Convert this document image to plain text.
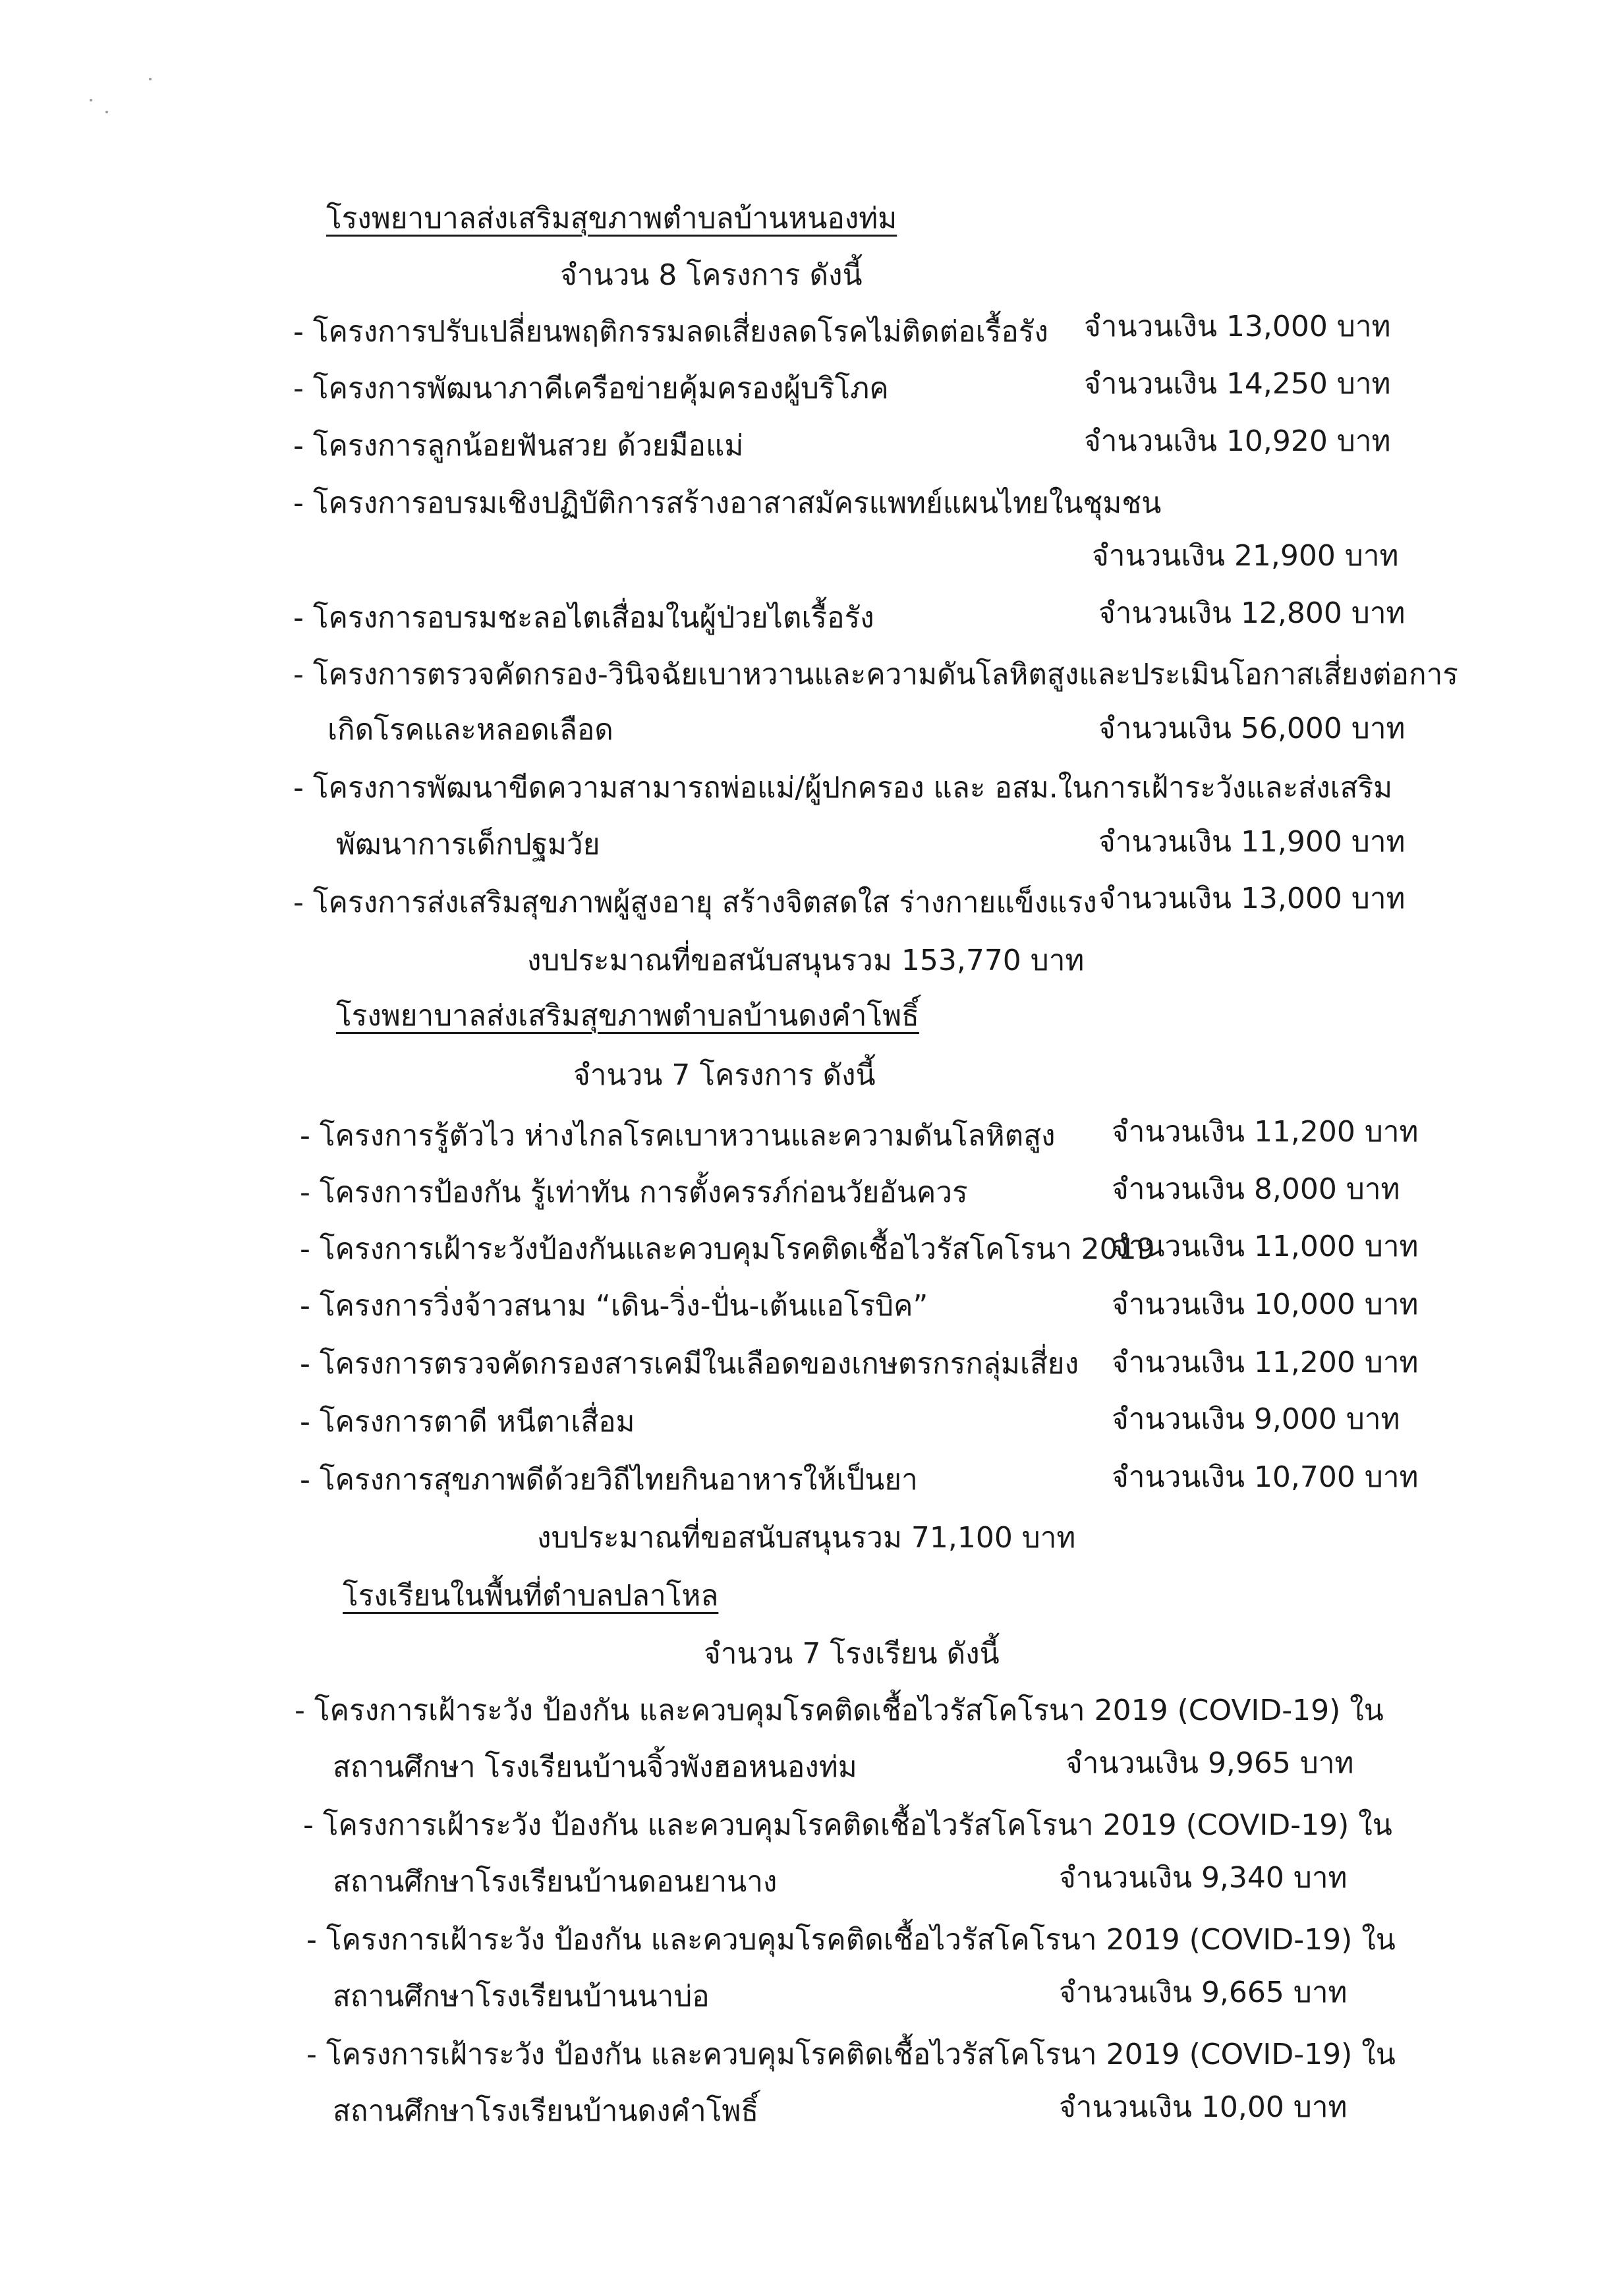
โรงพยาบาลส่งเสริมสุขภาพตำบลบ้านหนองท่ม
จำนวน 8 โครงการ ดังนี้
- โครงการปรับเปลี่ยนพฤติกรรมลดเสี่ยงลดโรคไม่ติดต่อเรื้อรัง จำนวนเงิน 13,000 บาท
- โครงการพัฒนาภาคีเครือข่ายคุ้มครองผู้บริโภค	จำนวนเงิน 14,250 บาท
- โครงการลูกน้อยฟันสวย ด้วยมือแม่	จำนวนเงิน 10,920 บาท
- โครงการอบรมเชิงปฏิบัติการสร้างอาสาสมัครแพทย์แผนไทยในชุมชน
จำนวนเงิน 21,900 บาท
- โครงการอบรมชะลอไตเสื่อมในผู้ป่วยไตเรื้อรัง	จำนวนเงิน 12,800 บาท
- โครงการตรวจคัดกรอง-วินิจฉัยเบาหวานและความดันโลหิตสูงและประเมินโอกาสเสี่ยงต่อการ
เกิดโรคและหลอดเลือด	จำนวนเงิน 56,000 บาท
- โครงการพัฒนาขีดความสามารถพ่อแม่/ผู้ปกครอง และ อสม.ในการเฝ้าระวังและส่งเสริม
พัฒนาการเด็กปฐมวัย	จำนวนเงิน 11,900 บาท
- โครงการส่งเสริมสุขภาพผู้สูงอายุ สร้างจิตสดใส ร่างกายแข็งแรง จำนวนเงิน 13,000 บาท
งบประมาณที่ขอสนับสนุนรวม 153,770 บาท
โรงพยาบาลส่งเสริมสุขภาพตำบลบ้านดงคำโพธิ์
จำนวน 7 โครงการ ดังนี้
- โครงการรู้ตัวไว ห่างไกลโรคเบาหวานและความดันโลหิตสูง จำนวนเงิน 11,200 บาท
- โครงการป้องกัน รู้เท่าทัน การตั้งครรภ์ก่อนวัยอันควร	จำนวนเงิน 8,000 บาท
- โครงการเฝ้าระวังป้องกันและควบคุมโรคติดเชื้อไวรัสโคโรนา 2019
จำนวนเงิน 11,000 บาท
- โครงการวิ่งจ้าวสนาม “เดิน-วิ่ง-ปั่น-เต้นแอโรบิค”	จำนวนเงิน 10,000 บาท
- โครงการตรวจคัดกรองสารเคมีในเลือดของเกษตรกรกลุ่มเสี่ยง จำนวนเงิน 11,200 บาท
- โครงการตาดี หนีตาเสื่อม	จำนวนเงิน 9,000 บาท
- โครงการสุขภาพดีด้วยวิถีไทยกินอาหารให้เป็นยา	จำนวนเงิน 10,700 บาท
งบประมาณที่ขอสนับสนุนรวม 71,100 บาท
โรงเรียนในพื้นที่ตำบลปลาโหล
จำนวน 7 โรงเรียน ดังนี้
- โครงการเฝ้าระวัง ป้องกัน และควบคุมโรคติดเชื้อไวรัสโคโรนา 2019 (COVID-19) ใน
สถานศึกษา โรงเรียนบ้านจิ้วพังฮอหนองท่ม	จำนวนเงิน 9,965 บาท
- โครงการเฝ้าระวัง ป้องกัน และควบคุมโรคติดเชื้อไวรัสโคโรนา 2019 (COVID-19) ใน
สถานศึกษาโรงเรียนบ้านดอนยานาง	จำนวนเงิน 9,340 บาท
- โครงการเฝ้าระวัง ป้องกัน และควบคุมโรคติดเชื้อไวรัสโคโรนา 2019 (COVID-19) ใน
สถานศึกษาโรงเรียนบ้านนาบ่อ	จำนวนเงิน 9,665 บาท
- โครงการเฝ้าระวัง ป้องกัน และควบคุมโรคติดเชื้อไวรัสโคโรนา 2019 (COVID-19) ใน
สถานศึกษาโรงเรียนบ้านดงคำโพธิ์	จำนวนเงิน 10,00 บาท
